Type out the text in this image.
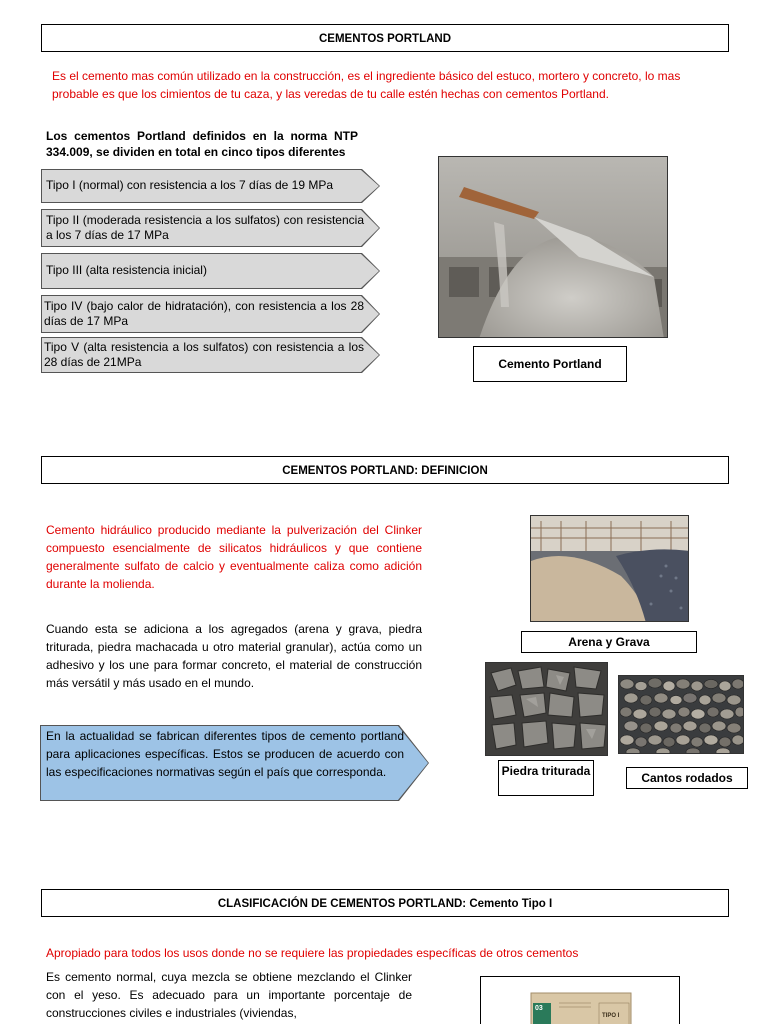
CEMENTOS PORTLAND
Es el cemento mas común utilizado en la construcción, es el ingrediente básico del estuco, mortero y concreto, lo mas probable es que los cimientos de tu caza, y las veredas de tu calle estén hechas con cementos Portland.
Los cementos Portland definidos en la norma NTP 334.009, se dividen en total en cinco tipos diferentes
Tipo I (normal) con resistencia a los 7 días de 19 MPa
Tipo II (moderada resistencia a los sulfatos) con resistencia a los 7 días de 17 MPa
Tipo III (alta resistencia inicial)
Tipo IV (bajo calor de hidratación), con resistencia a los 28 días de 17 MPa
Tipo V (alta resistencia a los sulfatos) con resistencia a los 28 días de 21MPa	Cemento Portland
CEMENTOS PORTLAND: DEFINICION
Cemento hidráulico producido mediante la pulverización del Clinker compuesto esencialmente de silicatos hidráulicos y que contiene generalmente sulfato de calcio y eventualmente caliza como adición durante la molienda.
Cuando esta se adiciona a los agregados (arena y grava, piedra triturada, piedra machacada u otro material granular), actúa como un adhesivo y los une para formar concreto, el material de construcción más versátil y más usado en el mundo.
En la actualidad se fabrican diferentes tipos de cemento portland para aplicaciones específicas. Estos se producen de acuerdo con las especificaciones normativas según el país que corresponda.
Arena y Grava
Piedra triturada	Cantos rodados
CLASIFICACIÓN DE CEMENTOS PORTLAND: Cemento Tipo I
Apropiado para todos los usos donde no se requiere las propiedades específicas de otros cementos
Es cemento normal, cuya mezcla se obtiene mezclando el Clinker con el yeso. Es adecuado para un importante porcentaje de construcciones civiles e industriales (viviendas,	03
TIPO I
